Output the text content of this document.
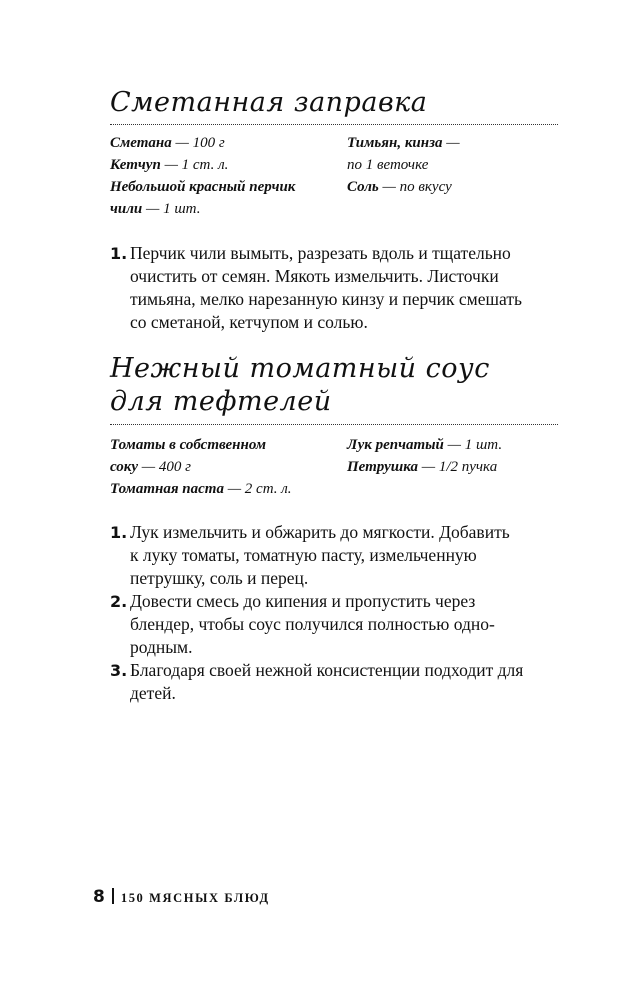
Сметанная заправка
Сметана — 100 г
Кетчуп — 1 ст. л.
Небольшой красный перчик
чили — 1 шт.
Тимьян, кинза —
по 1 веточке
Соль — по вкусу
1. Перчик чили вымыть, разрезать вдоль и тщательно
очистить от семян. Мякоть измельчить. Листочки
тимьяна, мелко нарезанную кинзу и перчик смешать
со сметаной, кетчупом и солью.
Нежный томатный соус
для тефтелей
Томаты в собственном
соку — 400 г
Томатная паста — 2 ст. л.
Лук репчатый — 1 шт.
Петрушка — 1/2 пучка
1. Лук измельчить и обжарить до мягкости. Добавить
к луку томаты, томатную пасту, измельченную
петрушку, соль и перец.
2. Довести смесь до кипения и пропустить через
блендер, чтобы соус получился полностью одно-
родным.
3. Благодаря своей нежной консистенции подходит для
детей.
8 150 МЯСНЫХ БЛЮД
